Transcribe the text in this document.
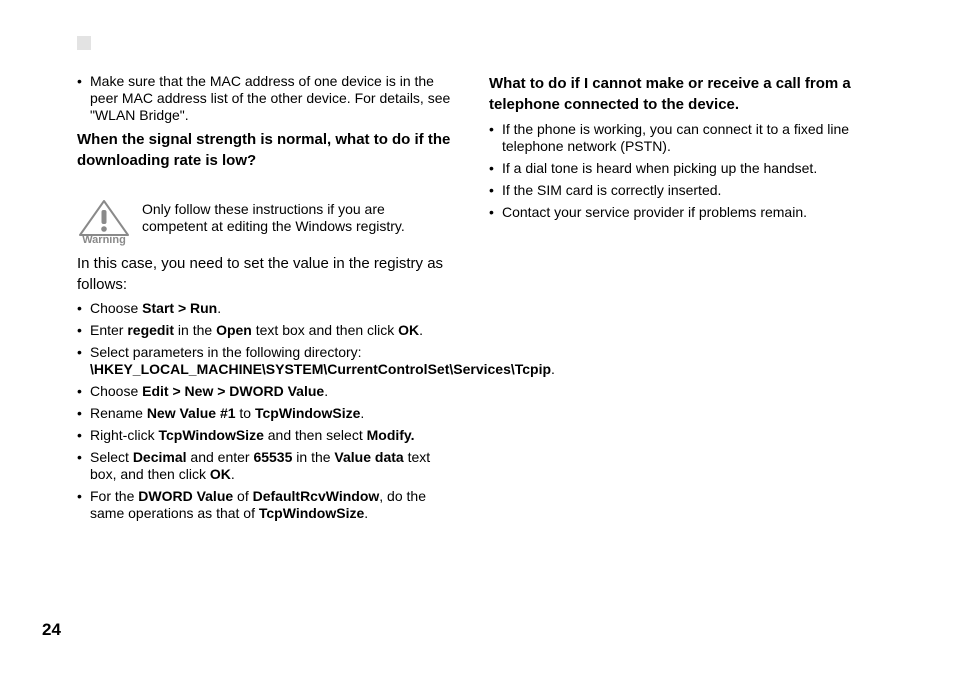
• Make sure that the MAC address of one device is in the peer MAC address list of the other device. For details, see "WLAN Bridge".
When the signal strength is normal, what to do if the downloading rate is low?
Warning
Only follow these instructions if you are competent at editing the Windows registry.

In this case, you need to set the value in the registry as follows:

• Choose Start > Run.
• Enter regedit in the Open text box and then click OK.
• Select parameters in the following directory: \HKEY_LOCAL_MACHINE\SYSTEM\CurrentControlSet\Services\Tcpip.
• Choose Edit > New > DWORD Value.
• Rename New Value #1 to TcpWindowSize.
• Right-click TcpWindowSize and then select Modify.
• Select Decimal and enter 65535 in the Value data text box, and then click OK.
• For the DWORD Value of DefaultRcvWindow, do the same operations as that of TcpWindowSize.
What to do if I cannot make or receive a call from a telephone connected to the device.
• If the phone is working, you can connect it to a fixed line telephone network (PSTN).
• If a dial tone is heard when picking up the handset.
• If the SIM card is correctly inserted.
• Contact your service provider if problems remain.
24
